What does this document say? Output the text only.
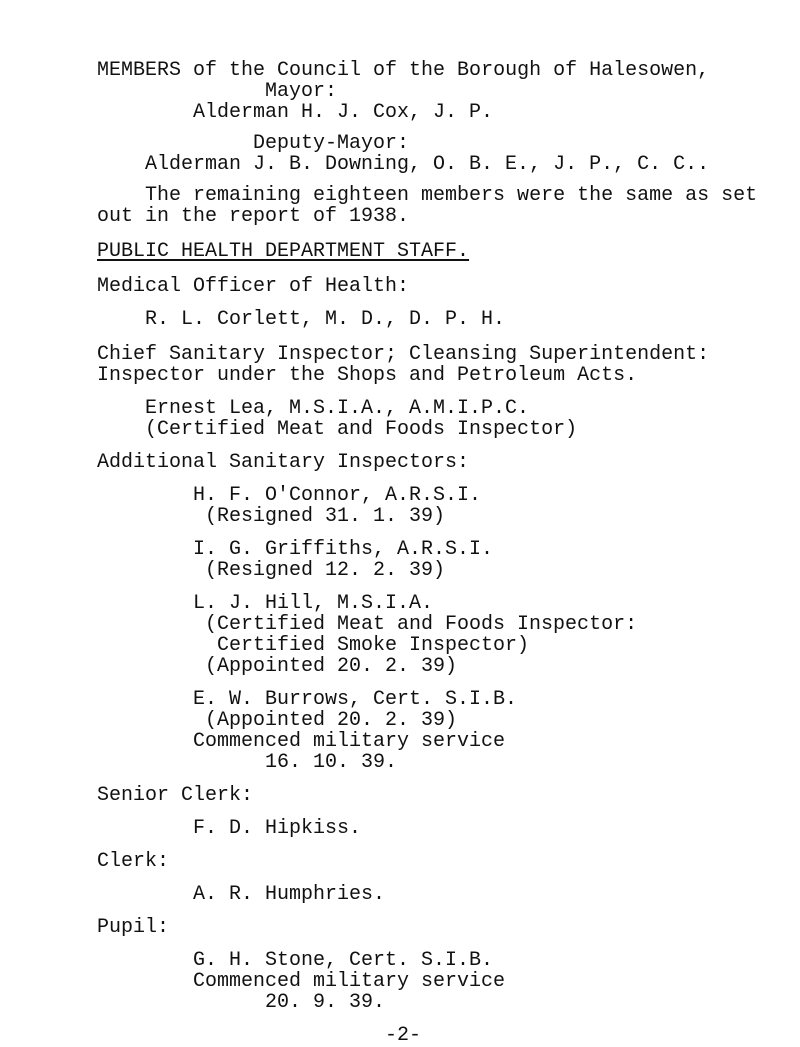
MEMBERS of the Council of the Borough of Halesowen,

Mayor:

Alderman H. J. Cox, J. P.

Deputy-Mayor:

Alderman J. B. Downing, O. B. E., J. P., C. C..

The remaining eighteen members were the same as set

out in the report of 1938.

PUBLIC HEALTH DEPARTMENT STAFF.

Medical Officer of Health:

R. L. Corlett, M. D., D. P. H.

Chief Sanitary Inspector; Cleansing Superintendent:

Inspector under the Shops and Petroleum Acts.

Ernest Lea, M.S.I.A., A.M.I.P.C.

(Certified Meat and Foods Inspector)

Additional Sanitary Inspectors:

H. F. O'Connor, A.R.S.I.

(Resigned 31. 1. 39)

I. G. Griffiths, A.R.S.I.

(Resigned 12. 2. 39)

L. J. Hill, M.S.I.A.

(Certified Meat and Foods Inspector:

Certified Smoke Inspector)

(Appointed 20. 2. 39)

E. W. Burrows, Cert. S.I.B.

(Appointed 20. 2. 39)

Commenced military service

16. 10. 39.

Senior Clerk:

F. D. Hipkiss.

Clerk:

A. R. Humphries.

Pupil:

G. H. Stone, Cert. S.I.B.

Commenced military service

20. 9. 39.

-2-
